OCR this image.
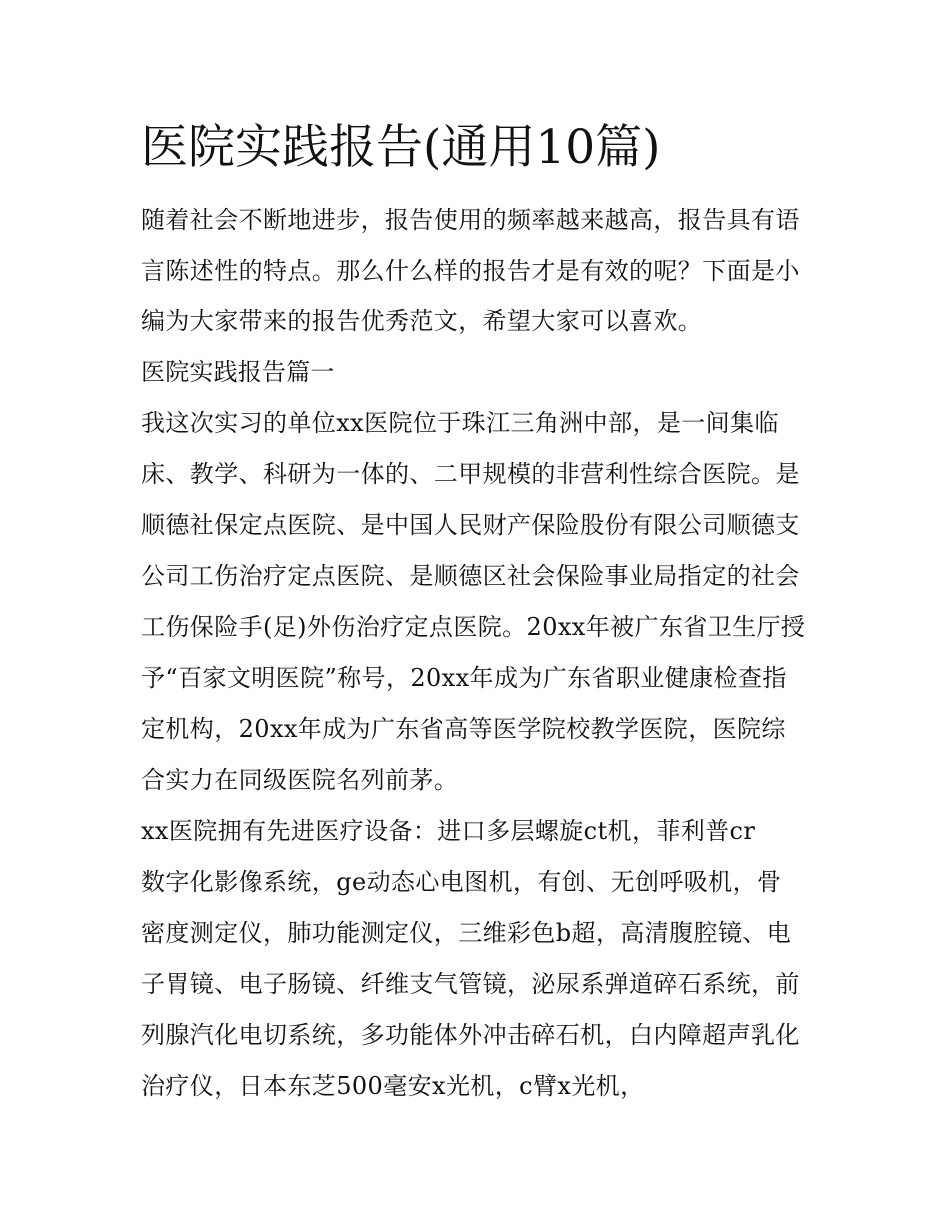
医院实践报告(通用10篇)

随着社会不断地进步，报告使用的频率越来越高，报告具有语

言陈述性的特点。那么什么样的报告才是有效的呢？下面是小

编为大家带来的报告优秀范文，希望大家可以喜欢。

医院实践报告篇一

我这次实习的单位xx医院位于珠江三角洲中部，是一间集临

床、教学、科研为一体的、二甲规模的非营利性综合医院。是

顺德社保定点医院、是中国人民财产保险股份有限公司顺德支

公司工伤治疗定点医院、是顺德区社会保险事业局指定的社会

工伤保险手(足)外伤治疗定点医院。20xx年被广东省卫生厅授

予“百家文明医院”称号，20xx年成为广东省职业健康检查指

定机构，20xx年成为广东省高等医学院校教学医院，医院综

合实力在同级医院名列前茅。

xx医院拥有先进医疗设备：进口多层螺旋ct机，菲利普cr

数字化影像系统，ge动态心电图机，有创、无创呼吸机，骨

密度测定仪，肺功能测定仪，三维彩色b超，高清腹腔镜、电

子胃镜、电子肠镜、纤维支气管镜，泌尿系弹道碎石系统，前

列腺汽化电切系统，多功能体外冲击碎石机，白内障超声乳化

治疗仪，日本东芝500毫安x光机，c臂x光机，
